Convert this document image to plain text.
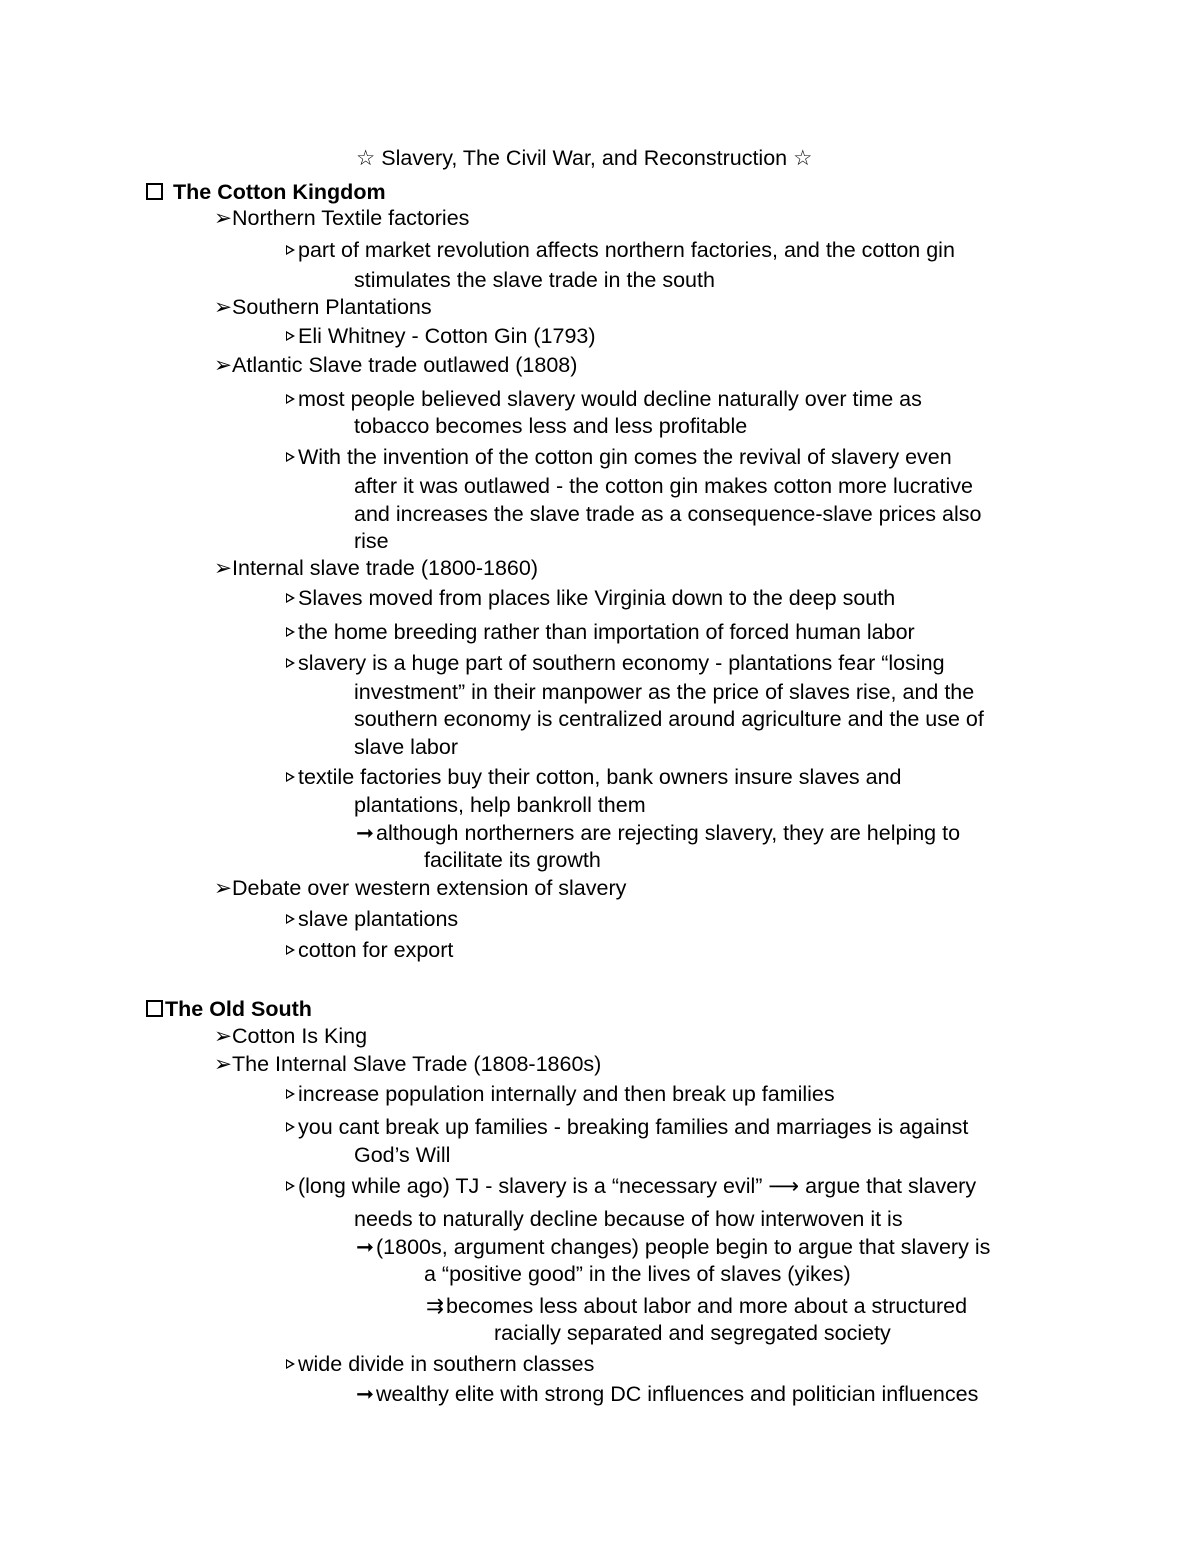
☆ Slavery, The Civil War, and Reconstruction ☆
The Cotton Kingdom
➢Northern Textile factories
part of market revolution affects northern factories, and the cotton gin
stimulates the slave trade in the south
➢Southern Plantations
Eli Whitney - Cotton Gin (1793)
➢Atlantic Slave trade outlawed (1808)
most people believed slavery would decline naturally over time as
tobacco becomes less and less profitable
With the invention of the cotton gin comes the revival of slavery even
after it was outlawed - the cotton gin makes cotton more lucrative
and increases the slave trade as a consequence-slave prices also
rise
➢Internal slave trade (1800-1860)
Slaves moved from places like Virginia down to the deep south
the home breeding rather than importation of forced human labor
slavery is a huge part of southern economy - plantations fear “losing
investment” in their manpower as the price of slaves rise, and the
southern economy is centralized around agriculture and the use of
slave labor
textile factories buy their cotton, bank owners insure slaves and
plantations, help bankroll them
➞although northerners are rejecting slavery, they are helping to
facilitate its growth
➢Debate over western extension of slavery
slave plantations
cotton for export
The Old South
➢Cotton Is King
➢The Internal Slave Trade (1808-1860s)
increase population internally and then break up families
you cant break up families - breaking families and marriages is against
God’s Will
(long while ago) TJ - slavery is a “necessary evil” ⟶ argue that slavery
needs to naturally decline because of how interwoven it is
➞(1800s, argument changes) people begin to argue that slavery is
a “positive good” in the lives of slaves (yikes)
⇉becomes less about labor and more about a structured
racially separated and segregated society
wide divide in southern classes
➞wealthy elite with strong DC influences and politician influences
